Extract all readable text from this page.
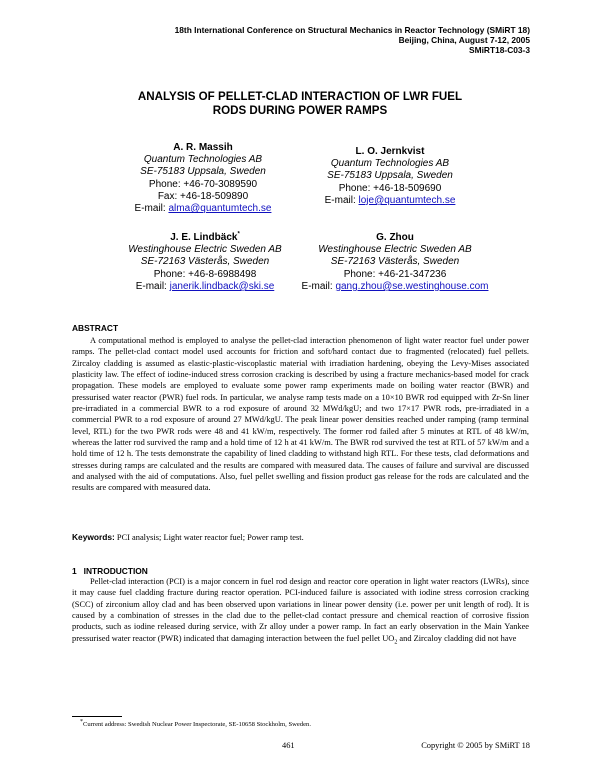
18th International Conference on Structural Mechanics in Reactor Technology (SMiRT 18)
Beijing, China, August 7-12, 2005
SMiRT18-C03-3
ANALYSIS OF PELLET-CLAD INTERACTION OF LWR FUEL
RODS DURING POWER RAMPS
A. R. Massih
Quantum Technologies AB
SE-75183 Uppsala, Sweden
Phone: +46-70-3089590
Fax: +46-18-509890
E-mail: alma@quantumtech.se
L. O. Jernkvist
Quantum Technologies AB
SE-75183 Uppsala, Sweden
Phone: +46-18-509690
E-mail: loje@quantumtech.se
J. E. Lindbäck*
Westinghouse Electric Sweden AB
SE-72163 Västerås, Sweden
Phone: +46-8-6988498
E-mail: janerik.lindback@ski.se
G. Zhou
Westinghouse Electric Sweden AB
SE-72163 Västerås, Sweden
Phone: +46-21-347236
E-mail: gang.zhou@se.westinghouse.com
ABSTRACT

A computational method is employed to analyse the pellet-clad interaction phenomenon of light water reactor fuel under power ramps. The pellet-clad contact model used accounts for friction and soft/hard contact due to fragmented (relocated) fuel pellets. Zircaloy cladding is assumed as elastic-plastic-viscoplastic material with irradiation hardening, obeying the Levy-Mises associated plasticity law. The effect of iodine-induced stress corrosion cracking is described by using a fracture mechanics-based model for crack propagation. These models are employed to evaluate some power ramp experiments made on boiling water reactor (BWR) and pressurised water reactor (PWR) fuel rods. In particular, we analyse ramp tests made on a 10×10 BWR rod equipped with Zr-Sn liner pre-irradiated in a commercial BWR to a rod exposure of around 32 MWd/kgU; and two 17×17 PWR rods, pre-irradiated in a commercial PWR to a rod exposure of around 27 MWd/kgU. The peak linear power densities reached under ramping (ramp terminal level, RTL) for the two PWR rods were 48 and 41 kW/m, respectively. The former rod failed after 5 minutes at RTL of 48 kW/m, whereas the latter rod survived the ramp and a hold time of 12 h at 41 kW/m. The BWR rod survived the test at RTL of 57 kW/m and a hold time of 12 h. The tests demonstrate the capability of lined cladding to withstand high RTL. For these tests, clad deformations and stresses during ramps are calculated and the results are compared with measured data. The causes of failure and survival are discussed and analysed with the aid of computations. Also, fuel pellet swelling and fission product gas release for the rods are calculated and the results are compared with measured data.

Keywords: PCI analysis; Light water reactor fuel; Power ramp test.
1 INTRODUCTION

Pellet-clad interaction (PCI) is a major concern in fuel rod design and reactor core operation in light water reactors (LWRs), since it may cause fuel cladding fracture during reactor operation. PCI-induced failure is associated with iodine stress corrosion cracking (SCC) of zirconium alloy clad and has been observed upon variations in linear power density (i.e. power per unit length of rod). It is caused by a combination of stresses in the clad due to the pellet-clad contact pressure and chemical reaction of corrosive fission products, such as iodine released during service, with Zr alloy under a power ramp. In fact an early observation in the Main Yankee pressurised water reactor (PWR) indicated that damaging interaction between the fuel pellet $UO_2$ and Zircaloy cladding did not have

*Current address: Swedish Nuclear Power Inspectorate, SE-10658 Stockholm, Sweden.
461	Copyright © 2005 by SMiRT 18
